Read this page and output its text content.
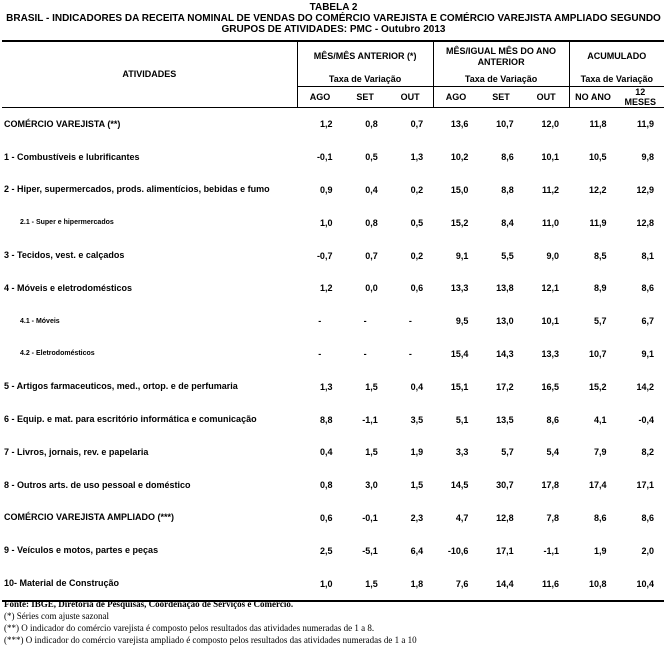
TABELA 2
BRASIL - INDICADORES DA RECEITA NOMINAL DE VENDAS DO COMÉRCIO VAREJISTA E COMÉRCIO VAREJISTA AMPLIADO SEGUNDO
GRUPOS DE ATIVIDADES: PMC - Outubro 2013
ATIVIDADES	MÊS/MÊS ANTERIOR (*)			MÊS/IGUAL MÊS DO ANO ANTERIOR			ACUMULADO	
	Taxa de Variação			Taxa de Variação			Taxa de Variação	
	AGO	SET	OUT	AGO	SET	OUT	NO ANO	12 MESES
COMÉRCIO VAREJISTA (**)	1,2	0,8	0,7	13,6	10,7	12,0	11,8	11,9
1 - Combustíveis e lubrificantes	-0,1	0,5	1,3	10,2	8,6	10,1	10,5	9,8
2 - Hiper, supermercados, prods. alimentícios, bebidas e fumo	0,9	0,4	0,2	15,0	8,8	11,2	12,2	12,9
2.1 - Super e hipermercados	1,0	0,8	0,5	15,2	8,4	11,0	11,9	12,8
3 - Tecidos, vest. e calçados	-0,7	0,7	0,2	9,1	5,5	9,0	8,5	8,1
4 - Móveis e eletrodomésticos	1,2	0,0	0,6	13,3	13,8	12,1	8,9	8,6
4.1 - Móveis	-	-	-	9,5	13,0	10,1	5,7	6,7
4.2 - Eletrodomésticos	-	-	-	15,4	14,3	13,3	10,7	9,1
5 - Artigos farmaceuticos, med., ortop. e de perfumaria	1,3	1,5	0,4	15,1	17,2	16,5	15,2	14,2
6 - Equip. e mat. para escritório informática e comunicação	8,8	-1,1	3,5	5,1	13,5	8,6	4,1	-0,4
7 - Livros, jornais, rev. e papelaria	0,4	1,5	1,9	3,3	5,7	5,4	7,9	8,2
8 - Outros arts. de uso pessoal e doméstico	0,8	3,0	1,5	14,5	30,7	17,8	17,4	17,1
COMÉRCIO VAREJISTA AMPLIADO (***)	0,6	-0,1	2,3	4,7	12,8	7,8	8,6	8,6
9 - Veículos e motos, partes e peças	2,5	-5,1	6,4	-10,6	17,1	-1,1	1,9	2,0
10- Material de Construção	1,0	1,5	1,8	7,6	14,4	11,6	10,8	10,4
Fonte: IBGE, Diretoria de Pesquisas, Coordenação de Serviços e Comércio.
(*) Séries com ajuste sazonal
(**) O indicador do comércio varejista é composto pelos resultados das atividades numeradas de 1 a 8.
(***) O indicador do comércio varejista ampliado é composto pelos resultados das atividades numeradas de 1 a 10
